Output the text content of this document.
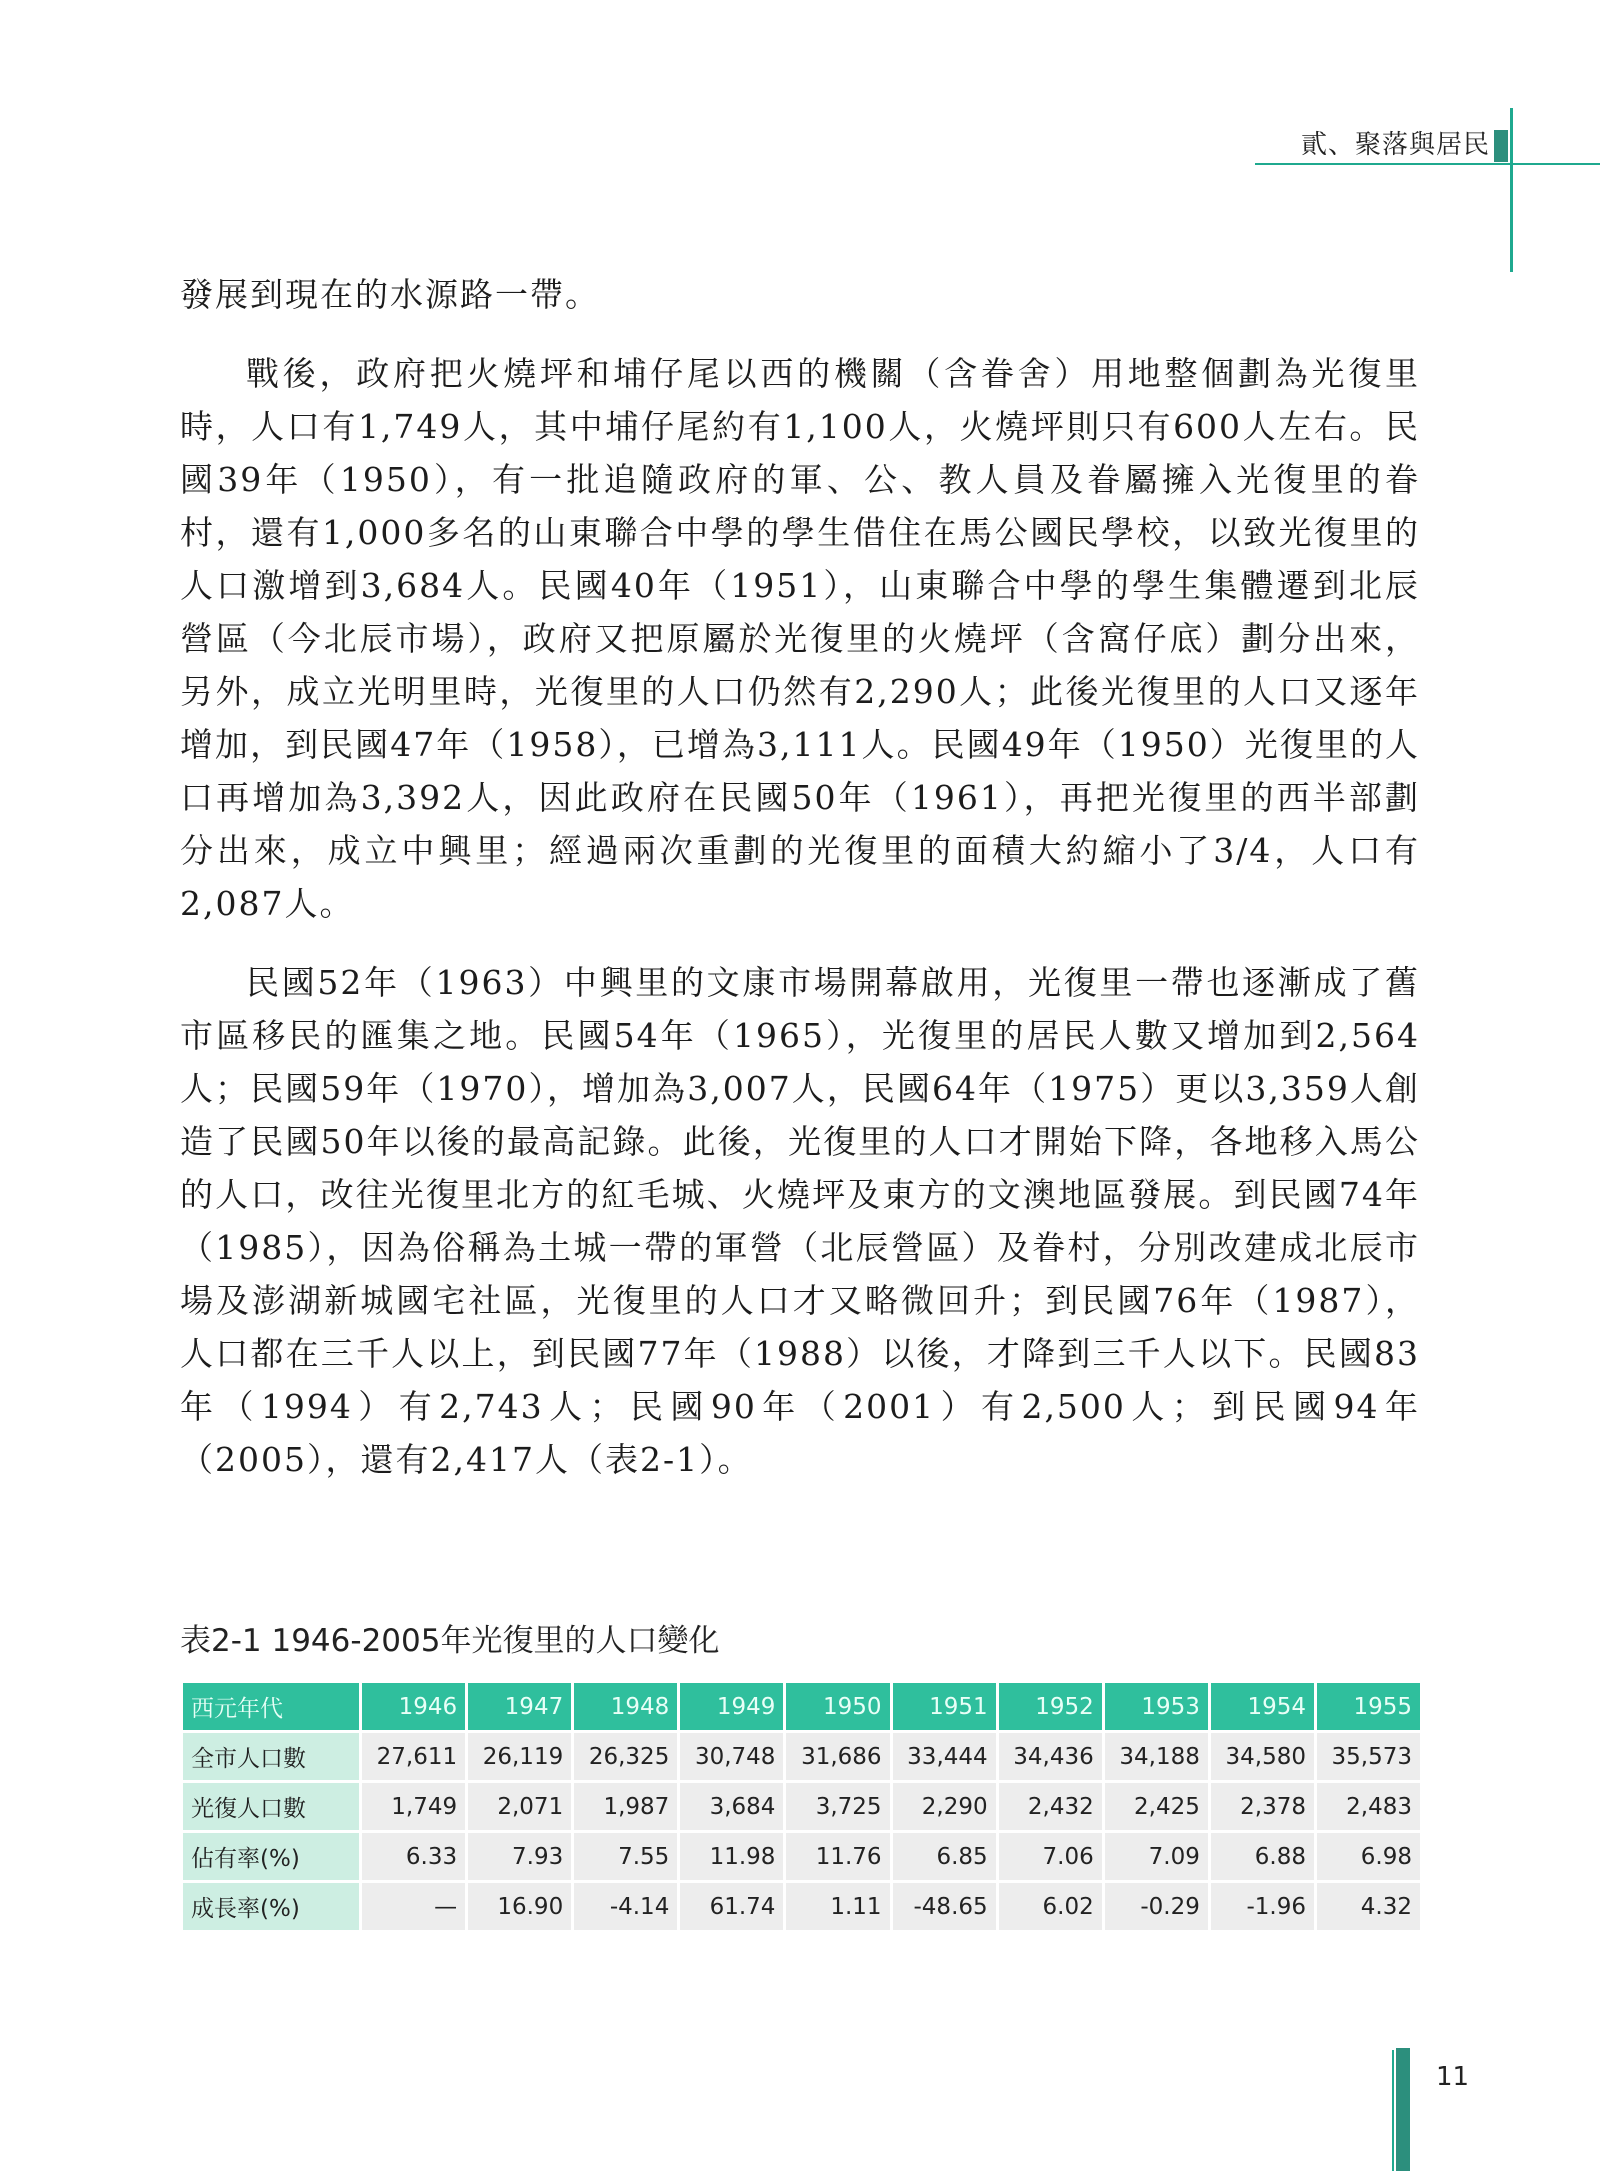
貳、聚落與居民

發展到現在的水源路一帶。

戰後，政府把火燒坪和埔仔尾以西的機關（含眷舍）用地整個劃為光復里時，人口有1,749人，其中埔仔尾約有1,100人，火燒坪則只有600人左右。民國39年（1950），有一批追隨政府的軍、公、教人員及眷屬擁入光復里的眷村，還有1,000多名的山東聯合中學的學生借住在馬公國民學校，以致光復里的人口激增到3,684人。民國40年（1951），山東聯合中學的學生集體遷到北辰營區（今北辰市場），政府又把原屬於光復里的火燒坪（含窩仔底）劃分出來，另外，成立光明里時，光復里的人口仍然有2,290人；此後光復里的人口又逐年增加，到民國47年（1958），已增為3,111人。民國49年（1950）光復里的人口再增加為3,392人，因此政府在民國50年（1961），再把光復里的西半部劃分出來，成立中興里；經過兩次重劃的光復里的面積大約縮小了3/4，人口有2,087人。

民國52年（1963）中興里的文康市場開幕啟用，光復里一帶也逐漸成了舊市區移民的匯集之地。民國54年（1965），光復里的居民人數又增加到2,564人；民國59年（1970），增加為3,007人，民國64年（1975）更以3,359人創造了民國50年以後的最高記錄。此後，光復里的人口才開始下降，各地移入馬公的人口，改往光復里北方的紅毛城、火燒坪及東方的文澳地區發展。到民國74年（1985），因為俗稱為土城一帶的軍營（北辰營區）及眷村，分別改建成北辰市場及澎湖新城國宅社區，光復里的人口才又略微回升；到民國76年（1987），人口都在三千人以上，到民國77年（1988）以後，才降到三千人以下。民國83年（1994）有2,743人；民國90年（2001）有2,500人；到民國94年（2005），還有2,417人（表2-1）。

表2-1 1946-2005年光復里的人口變化
西元年代	1946	1947	1948	1949	1950	1951	1952	1953	1954	1955
全市人口數	27,611	26,119	26,325	30,748	31,686	33,444	34,436	34,188	34,580	35,573
光復人口數	1,749	2,071	1,987	3,684	3,725	2,290	2,432	2,425	2,378	2,483
佔有率(%)	6.33	7.93	7.55	11.98	11.76	6.85	7.06	7.09	6.88	6.98
成長率(%)	—	16.90	-4.14	61.74	1.11	-48.65	6.02	-0.29	-1.96	4.32
11
